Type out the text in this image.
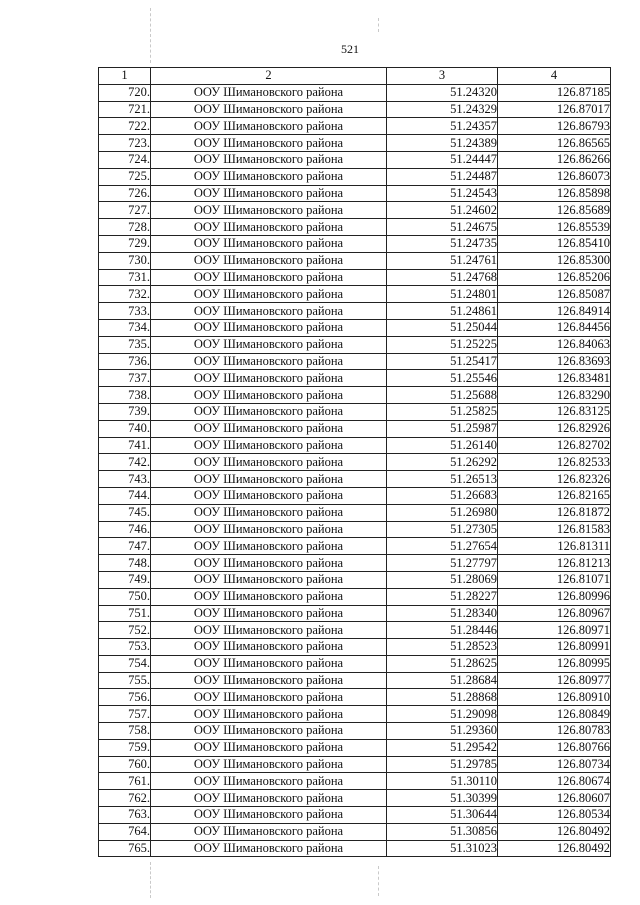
521
1	2	3	4
720.	ООУ Шимановского района	51.24320	126.87185
721.	ООУ Шимановского района	51.24329	126.87017
722.	ООУ Шимановского района	51.24357	126.86793
723.	ООУ Шимановского района	51.24389	126.86565
724.	ООУ Шимановского района	51.24447	126.86266
725.	ООУ Шимановского района	51.24487	126.86073
726.	ООУ Шимановского района	51.24543	126.85898
727.	ООУ Шимановского района	51.24602	126.85689
728.	ООУ Шимановского района	51.24675	126.85539
729.	ООУ Шимановского района	51.24735	126.85410
730.	ООУ Шимановского района	51.24761	126.85300
731.	ООУ Шимановского района	51.24768	126.85206
732.	ООУ Шимановского района	51.24801	126.85087
733.	ООУ Шимановского района	51.24861	126.84914
734.	ООУ Шимановского района	51.25044	126.84456
735.	ООУ Шимановского района	51.25225	126.84063
736.	ООУ Шимановского района	51.25417	126.83693
737.	ООУ Шимановского района	51.25546	126.83481
738.	ООУ Шимановского района	51.25688	126.83290
739.	ООУ Шимановского района	51.25825	126.83125
740.	ООУ Шимановского района	51.25987	126.82926
741.	ООУ Шимановского района	51.26140	126.82702
742.	ООУ Шимановского района	51.26292	126.82533
743.	ООУ Шимановского района	51.26513	126.82326
744.	ООУ Шимановского района	51.26683	126.82165
745.	ООУ Шимановского района	51.26980	126.81872
746.	ООУ Шимановского района	51.27305	126.81583
747.	ООУ Шимановского района	51.27654	126.81311
748.	ООУ Шимановского района	51.27797	126.81213
749.	ООУ Шимановского района	51.28069	126.81071
750.	ООУ Шимановского района	51.28227	126.80996
751.	ООУ Шимановского района	51.28340	126.80967
752.	ООУ Шимановского района	51.28446	126.80971
753.	ООУ Шимановского района	51.28523	126.80991
754.	ООУ Шимановского района	51.28625	126.80995
755.	ООУ Шимановского района	51.28684	126.80977
756.	ООУ Шимановского района	51.28868	126.80910
757.	ООУ Шимановского района	51.29098	126.80849
758.	ООУ Шимановского района	51.29360	126.80783
759.	ООУ Шимановского района	51.29542	126.80766
760.	ООУ Шимановского района	51.29785	126.80734
761.	ООУ Шимановского района	51.30110	126.80674
762.	ООУ Шимановского района	51.30399	126.80607
763.	ООУ Шимановского района	51.30644	126.80534
764.	ООУ Шимановского района	51.30856	126.80492
765.	ООУ Шимановского района	51.31023	126.80492
